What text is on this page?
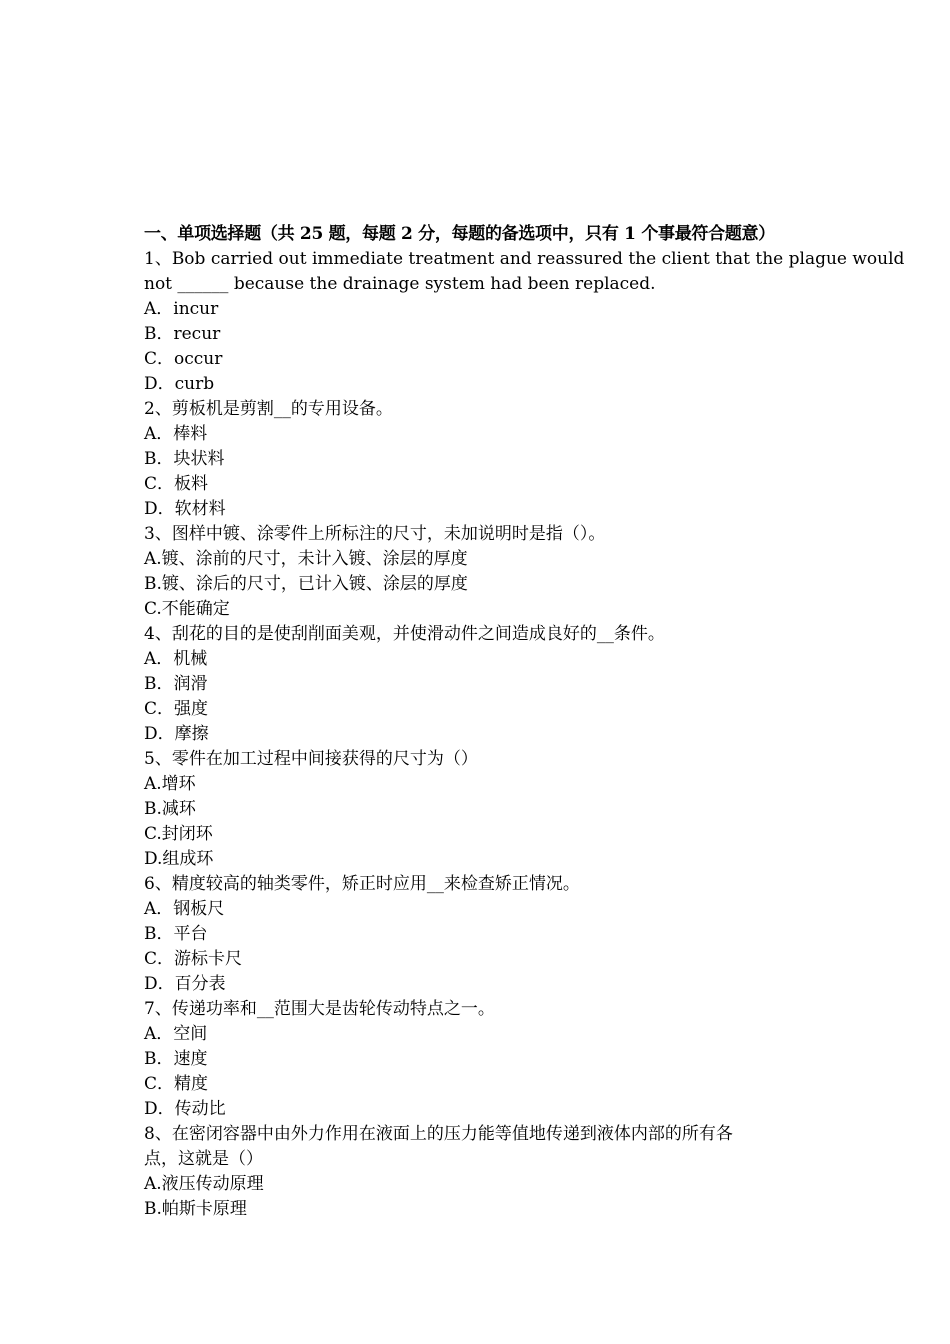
一、单项选择题（共 25 题，每题 2 分，每题的备选项中，只有 1 个事最符合题意）
1、Bob carried out immediate treatment and reassured the client that the plague would
not ______ because the drainage system had been replaced.
A．incur
B．recur
C．occur
D．curb
2、剪板机是剪割__的专用设备。
A．棒料
B．块状料
C．板料
D．软材料
3、图样中镀、涂零件上所标注的尺寸，未加说明时是指（）。
A.镀、涂前的尺寸，未计入镀、涂层的厚度
B.镀、涂后的尺寸，已计入镀、涂层的厚度
C.不能确定
4、刮花的目的是使刮削面美观，并使滑动件之间造成良好的__条件。
A．机械
B．润滑
C．强度
D．摩擦
5、零件在加工过程中间接获得的尺寸为（）
A.增环
B.减环
C.封闭环
D.组成环
6、精度较高的轴类零件，矫正时应用__来检查矫正情况。
A．钢板尺
B．平台
C．游标卡尺
D．百分表
7、传递功率和__范围大是齿轮传动特点之一。
A．空间
B．速度
C．精度
D．传动比
8、在密闭容器中由外力作用在液面上的压力能等值地传递到液体内部的所有各
点，这就是（）
A.液压传动原理
B.帕斯卡原理
